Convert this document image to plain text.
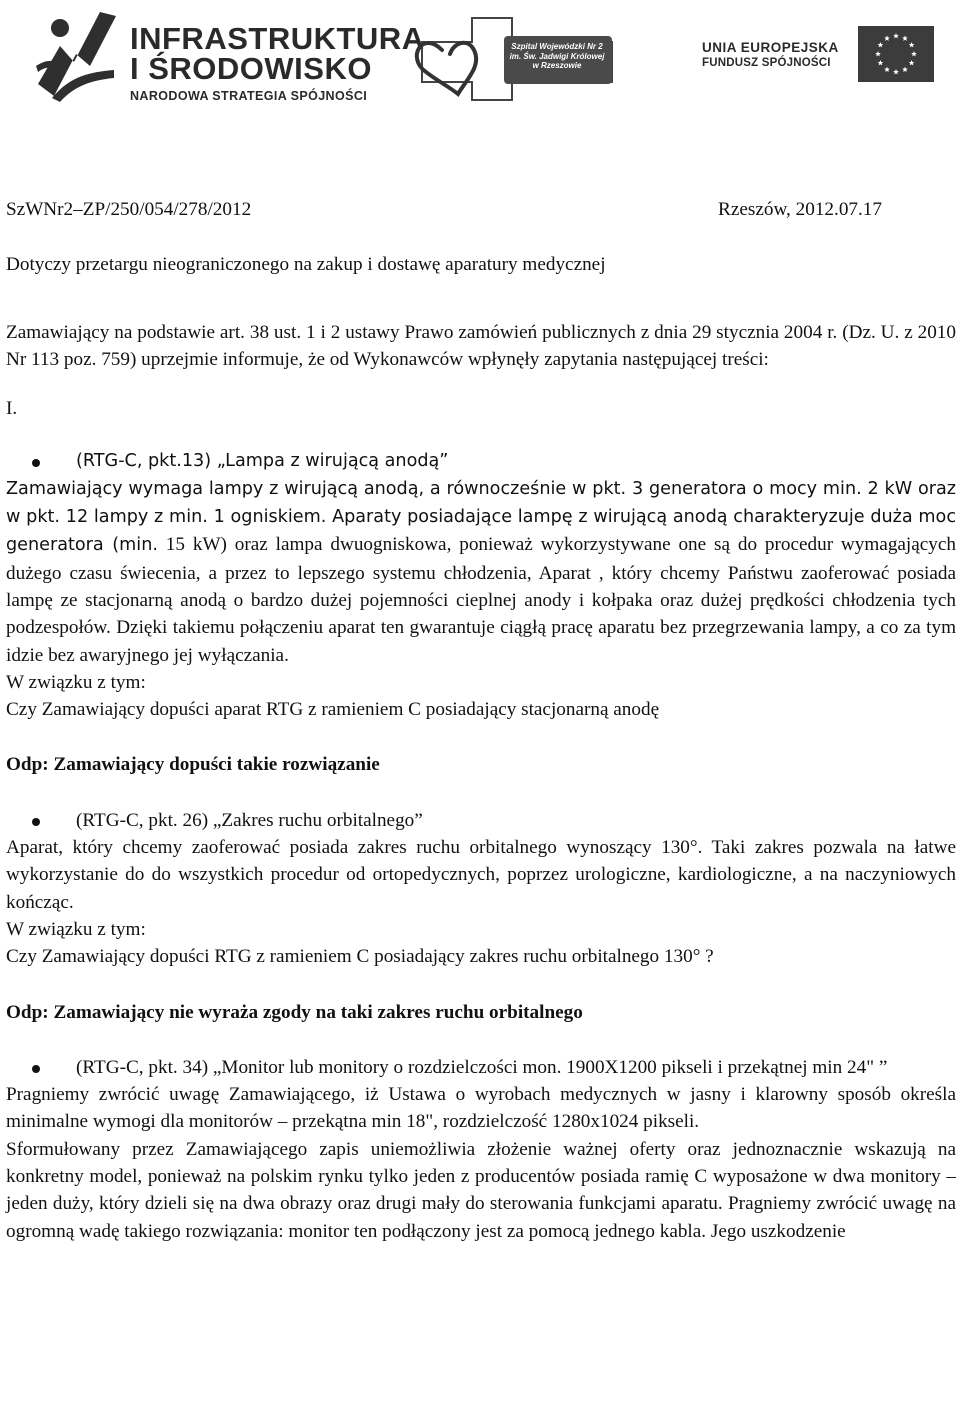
INFRASTRUKTURA
I ŚRODOWISKO
NARODOWA STRATEGIA SPÓJNOŚCI
Szpital Wojewódzki Nr 2
im. Św. Jadwigi Królowej
w Rzeszowie
UNIA EUROPEJSKA
FUNDUSZ SPÓJNOŚCI
SzWNr2–ZP/250/054/278/2012	Rzeszów, 2012.07.17

Dotyczy przetargu nieograniczonego na zakup i dostawę aparatury medycznej

Zamawiający na podstawie art. 38 ust. 1 i 2 ustawy Prawo zamówień publicznych z dnia 29 stycznia 2004 r. (Dz. U. z 2010 Nr 113 poz. 759) uprzejmie informuje, że od Wykonawców wpłynęły zapytania następującej treści:

I.

(RTG-C, pkt.13) „Lampa z wirującą anodą”

Zamawiający wymaga lampy z wirującą anodą, a równocześnie w pkt. 3 generatora o mocy min. 2 kW oraz w pkt. 12 lampy z min. 1 ogniskiem. Aparaty posiadające lampę z wirującą anodą charakteryzuje duża moc generatora (min. 15 kW) oraz lampa dwuogniskowa, ponieważ wykorzystywane one są do procedur wymagających dużego czasu świecenia, a przez to lepszego systemu chłodzenia, Aparat , który chcemy Państwu zaoferować posiada lampę ze stacjonarną anodą o bardzo dużej pojemności cieplnej anody i kołpaka oraz dużej prędkości chłodzenia tych podzespołów. Dzięki takiemu połączeniu aparat ten gwarantuje ciągłą pracę aparatu bez przegrzewania lampy, a co za tym idzie bez awaryjnego jej wyłączania.

W związku z tym:

Czy Zamawiający dopuści aparat RTG z ramieniem C posiadający stacjonarną anodę

Odp: Zamawiający dopuści takie rozwiązanie

(RTG-C, pkt. 26) „Zakres ruchu orbitalnego”

Aparat, który chcemy zaoferować posiada zakres ruchu orbitalnego wynoszący 130°. Taki zakres pozwala na łatwe wykorzystanie do do wszystkich procedur od ortopedycznych, poprzez urologiczne, kardiologiczne, a na naczyniowych kończąc.

W związku z tym:

Czy Zamawiający dopuści RTG z ramieniem C posiadający zakres ruchu orbitalnego 130° ?

Odp: Zamawiający nie wyraża zgody na taki zakres ruchu orbitalnego

(RTG-C, pkt. 34) „Monitor lub monitory o rozdzielczości mon. 1900X1200 pikseli i przekątnej min 24" ”

Pragniemy zwrócić uwagę Zamawiającego, iż Ustawa o wyrobach medycznych w jasny i klarowny sposób określa minimalne wymogi dla monitorów – przekątna min 18", rozdzielczość 1280x1024 pikseli.

Sformułowany przez Zamawiającego zapis uniemożliwia złożenie ważnej oferty oraz jednoznacznie wskazują na konkretny model, ponieważ na polskim rynku tylko jeden z producentów posiada ramię C wyposażone w dwa monitory – jeden duży, który dzieli się na dwa obrazy oraz drugi mały do sterowania funkcjami aparatu. Pragniemy zwrócić uwagę na ogromną wadę takiego rozwiązania: monitor ten podłączony jest za pomocą jednego kabla. Jego uszkodzenie
